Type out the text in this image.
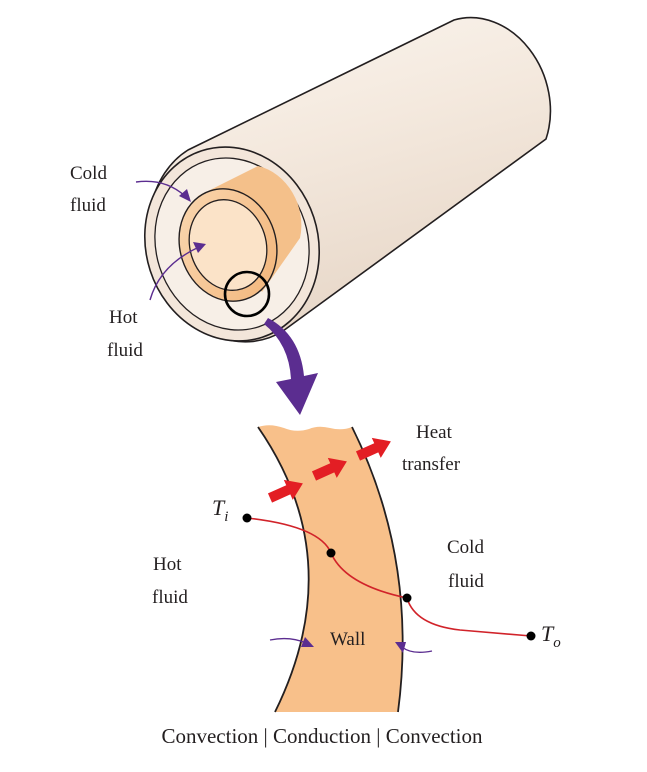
Cold
fluid
Hot
fluid
Heat
transfer
$T_i$
$T_o$
Hot
fluid
Cold
fluid
Wall
Convection | Conduction | Convection
